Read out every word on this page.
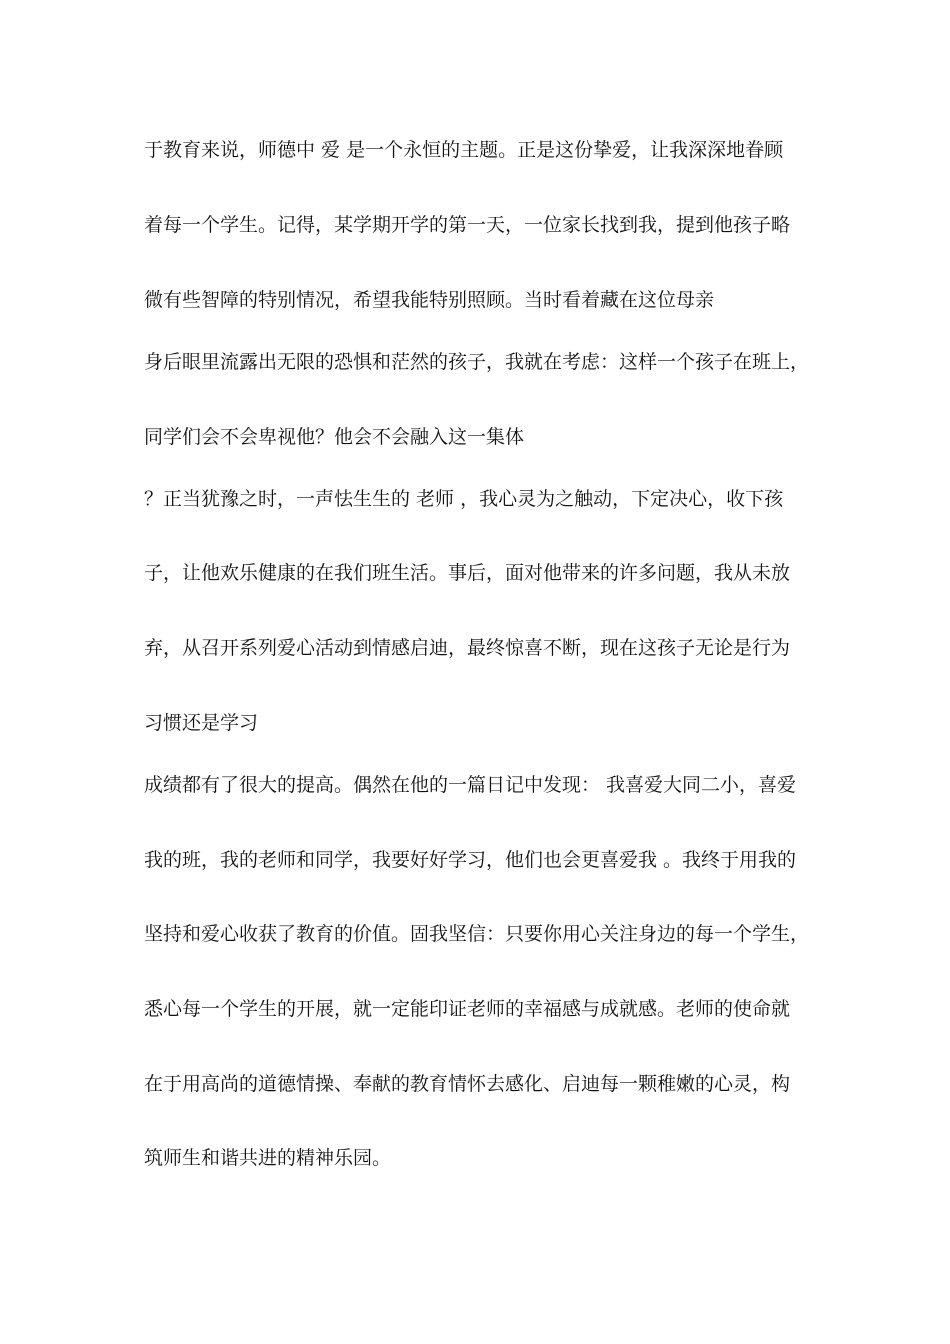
于教育来说，师德中 爱 是一个永恒的主题。正是这份挚爱，让我深深地眷顾
着每一个学生。记得，某学期开学的第一天，一位家长找到我，提到他孩子略
微有些智障的特别情况，希望我能特别照顾。当时看着藏在这位母亲
身后眼里流露出无限的恐惧和茫然的孩子，我就在考虑：这样一个孩子在班上，
同学们会不会卑视他？他会不会融入这一集体
？正当犹豫之时，一声怯生生的 老师 ，我心灵为之触动，下定决心，收下孩
子，让他欢乐健康的在我们班生活。事后，面对他带来的许多问题，我从未放
弃，从召开系列爱心活动到情感启迪，最终惊喜不断，现在这孩子无论是行为
习惯还是学习
成绩都有了很大的提高。偶然在他的一篇日记中发现： 我喜爱大同二小，喜爱
我的班，我的老师和同学，我要好好学习，他们也会更喜爱我 。我终于用我的
坚持和爱心收获了教育的价值。固我坚信：只要你用心关注身边的每一个学生，
悉心每一个学生的开展，就一定能印证老师的幸福感与成就感。老师的使命就
在于用高尚的道德情操、奉献的教育情怀去感化、启迪每一颗稚嫩的心灵，构
筑师生和谐共进的精神乐园。
